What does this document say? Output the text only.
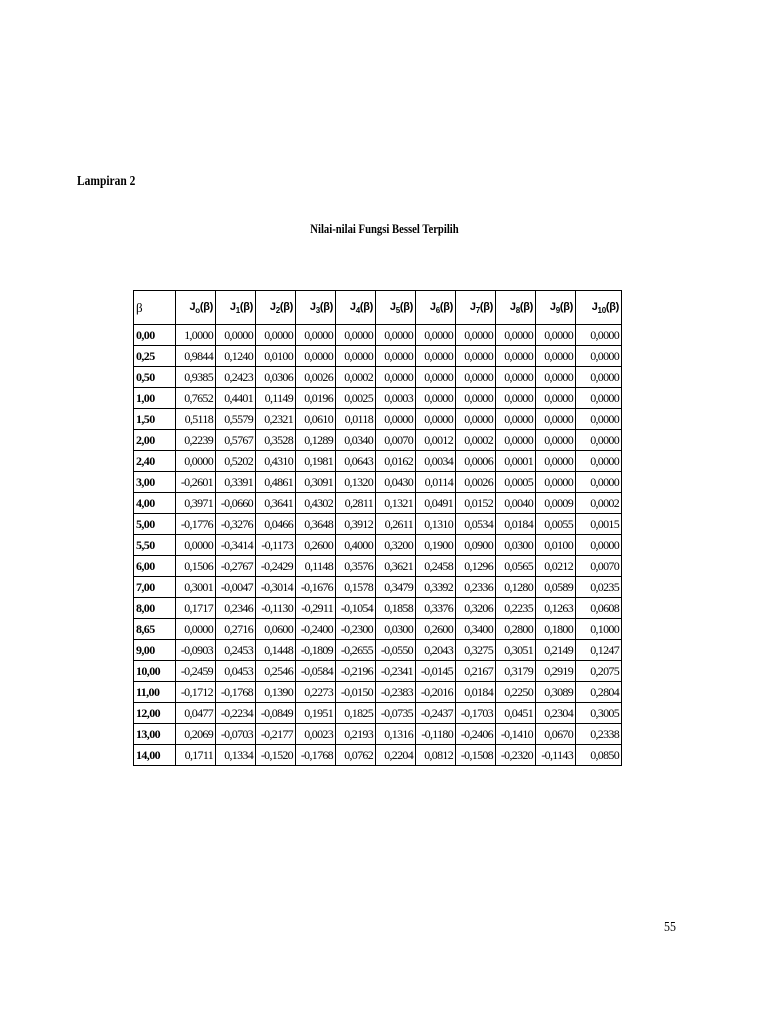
Lampiran 2
Nilai-nilai Fungsi Bessel Terpilih
β	$J_o(\beta)$	$J_1(\beta)$	$J_2(\beta)$	$J_3(\beta)$	$J_4(\beta)$	$J_5(\beta)$	$J_6(\beta)$	$J_7(\beta)$	$J_8(\beta)$	$J_9(\beta)$	$J_{10}(\beta)$
0,00	1,0000	0,0000	0,0000	0,0000	0,0000	0,0000	0,0000	0,0000	0,0000	0,0000	0,0000
0,25	0,9844	0,1240	0,0100	0,0000	0,0000	0,0000	0,0000	0,0000	0,0000	0,0000	0,0000
0,50	0,9385	0,2423	0,0306	0,0026	0,0002	0,0000	0,0000	0,0000	0,0000	0,0000	0,0000
1,00	0,7652	0,4401	0,1149	0,0196	0,0025	0,0003	0,0000	0,0000	0,0000	0,0000	0,0000
1,50	0,5118	0,5579	0,2321	0,0610	0,0118	0,0000	0,0000	0,0000	0,0000	0,0000	0,0000
2,00	0,2239	0,5767	0,3528	0,1289	0,0340	0,0070	0,0012	0,0002	0,0000	0,0000	0,0000
2,40	0,0000	0,5202	0,4310	0,1981	0,0643	0,0162	0,0034	0,0006	0,0001	0,0000	0,0000
3,00	-0,2601	0,3391	0,4861	0,3091	0,1320	0,0430	0,0114	0,0026	0,0005	0,0000	0,0000
4,00	0,3971	-0,0660	0,3641	0,4302	0,2811	0,1321	0,0491	0,0152	0,0040	0,0009	0,0002
5,00	-0,1776	-0,3276	0,0466	0,3648	0,3912	0,2611	0,1310	0,0534	0,0184	0,0055	0,0015
5,50	0,0000	-0,3414	-0,1173	0,2600	0,4000	0,3200	0,1900	0,0900	0,0300	0,0100	0,0000
6,00	0,1506	-0,2767	-0,2429	0,1148	0,3576	0,3621	0,2458	0,1296	0,0565	0,0212	0,0070
7,00	0,3001	-0,0047	-0,3014	-0,1676	0,1578	0,3479	0,3392	0,2336	0,1280	0,0589	0,0235
8,00	0,1717	0,2346	-0,1130	-0,2911	-0,1054	0,1858	0,3376	0,3206	0,2235	0,1263	0,0608
8,65	0,0000	0,2716	0,0600	-0,2400	-0,2300	0,0300	0,2600	0,3400	0,2800	0,1800	0,1000
9,00	-0,0903	0,2453	0,1448	-0,1809	-0,2655	-0,0550	0,2043	0,3275	0,3051	0,2149	0,1247
10,00	-0,2459	0,0453	0,2546	-0,0584	-0,2196	-0,2341	-0,0145	0,2167	0,3179	0,2919	0,2075
11,00	-0,1712	-0,1768	0,1390	0,2273	-0,0150	-0,2383	-0,2016	0,0184	0,2250	0,3089	0,2804
12,00	0,0477	-0,2234	-0,0849	0,1951	0,1825	-0,0735	-0,2437	-0,1703	0,0451	0,2304	0,3005
13,00	0,2069	-0,0703	-0,2177	0,0023	0,2193	0,1316	-0,1180	-0,2406	-0,1410	0,0670	0,2338
14,00	0,1711	0,1334	-0,1520	-0,1768	0,0762	0,2204	0,0812	-0,1508	-0,2320	-0,1143	0,0850
55
